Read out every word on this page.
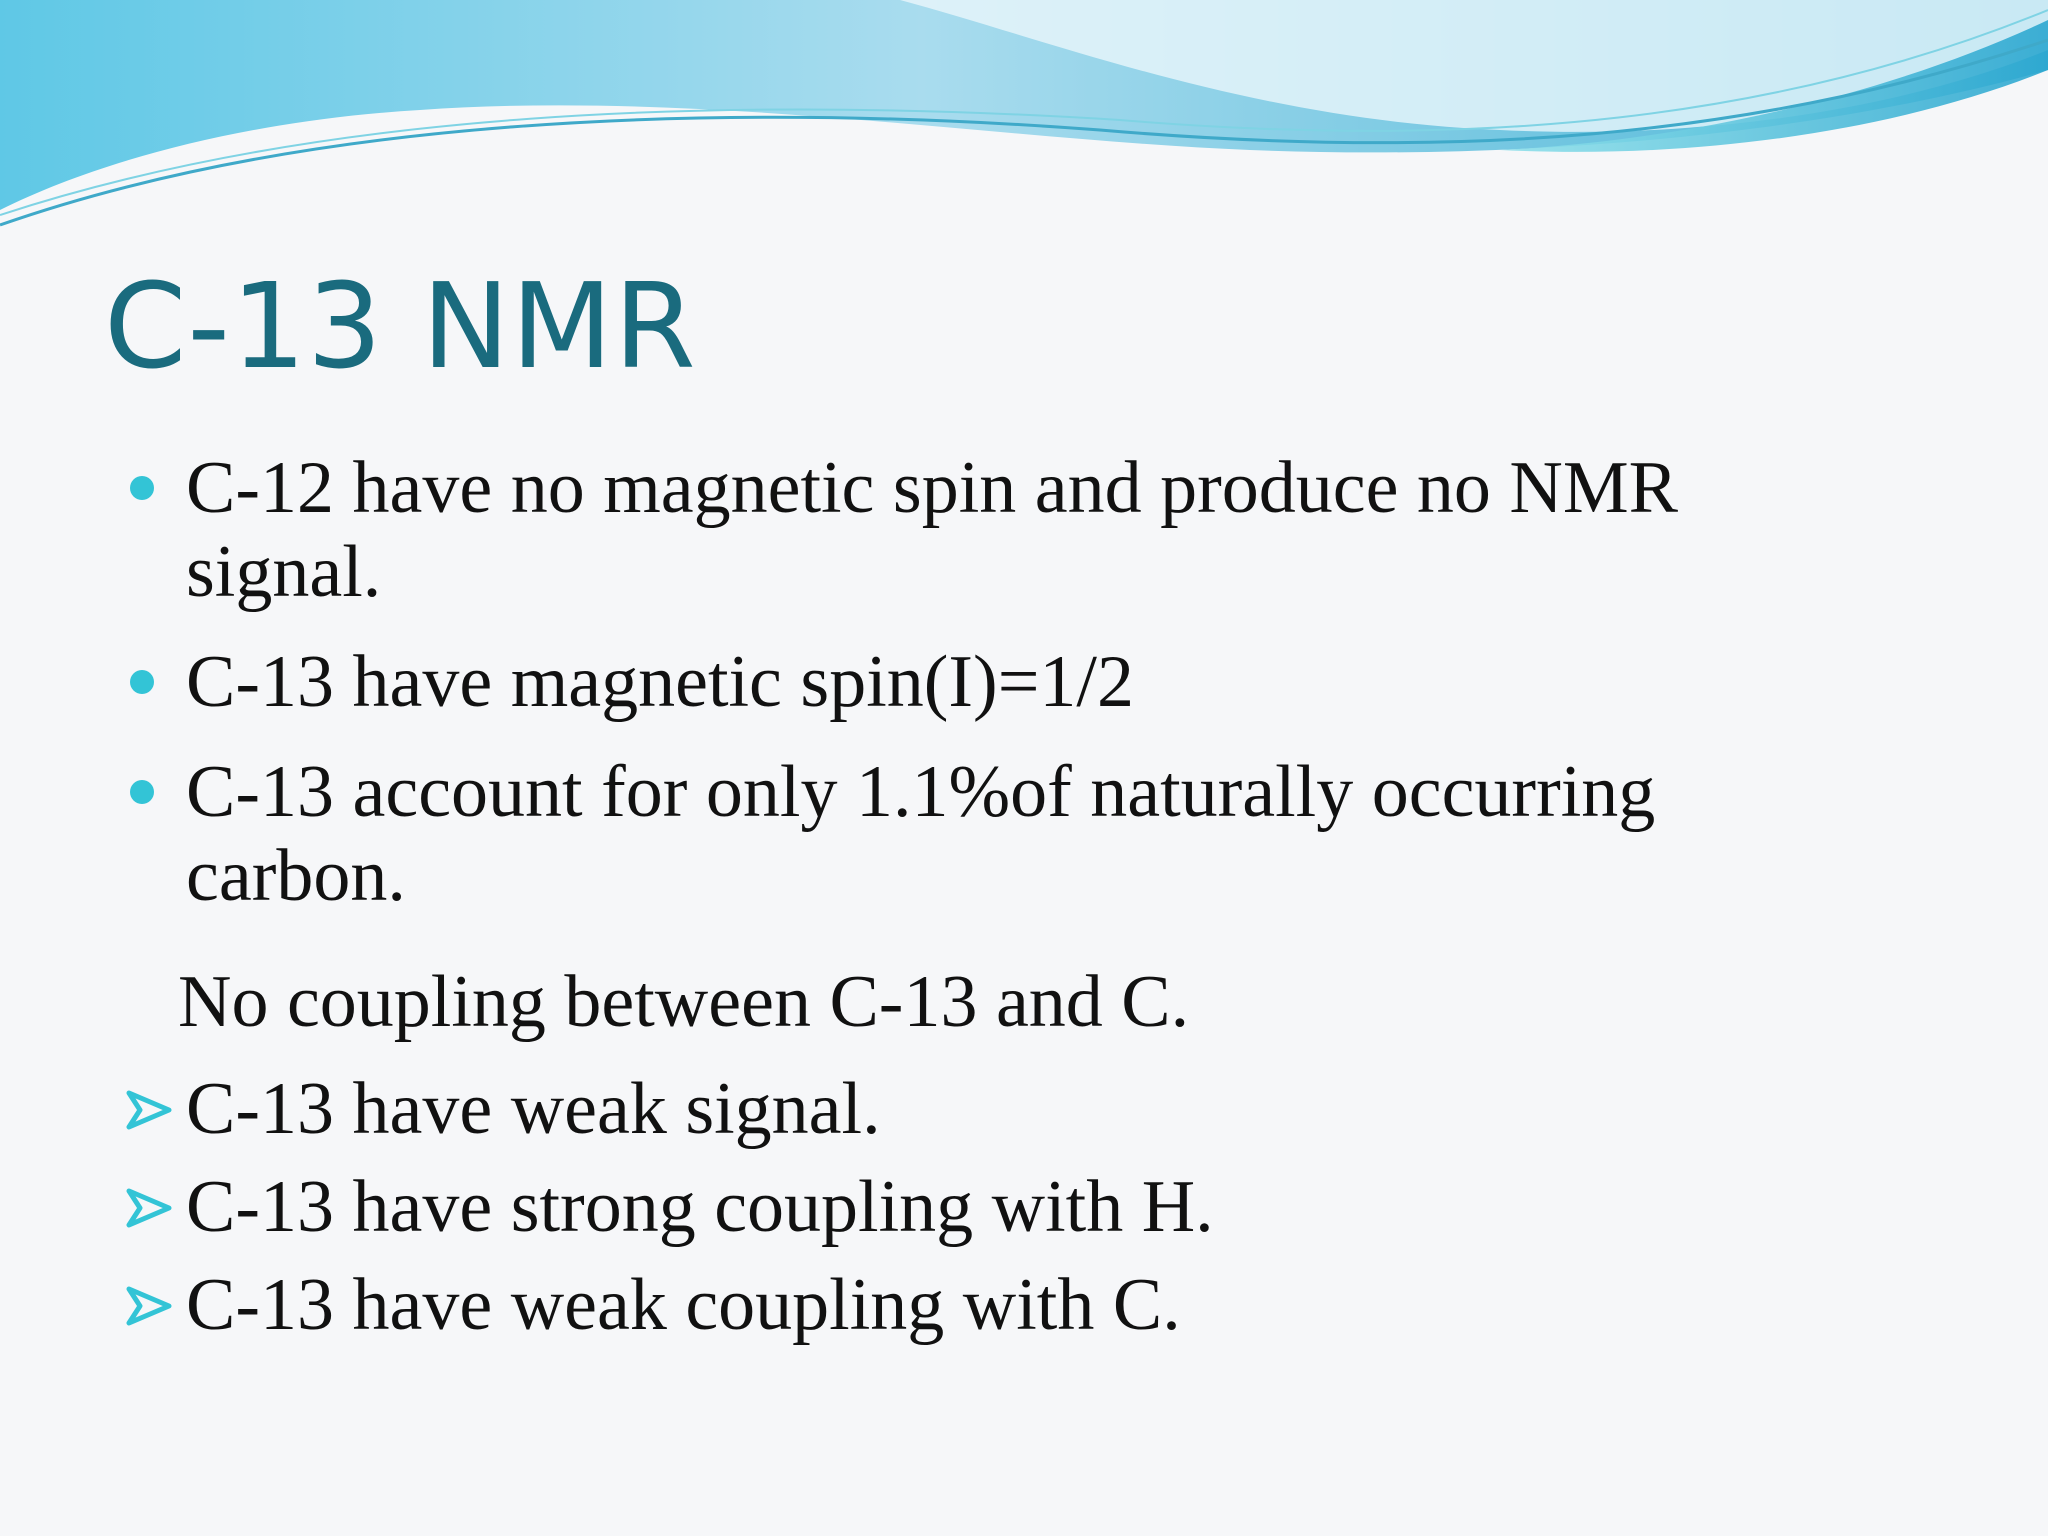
C-13 NMR
C-12 have no magnetic spin and produce no NMR signal.
C-13 have magnetic spin(I)=1/2
C-13 account for only 1.1%of naturally occurring carbon.

No coupling between C-13 and C.

C-13 have weak signal.
C-13 have strong coupling with H.
C-13 have weak coupling with C.
